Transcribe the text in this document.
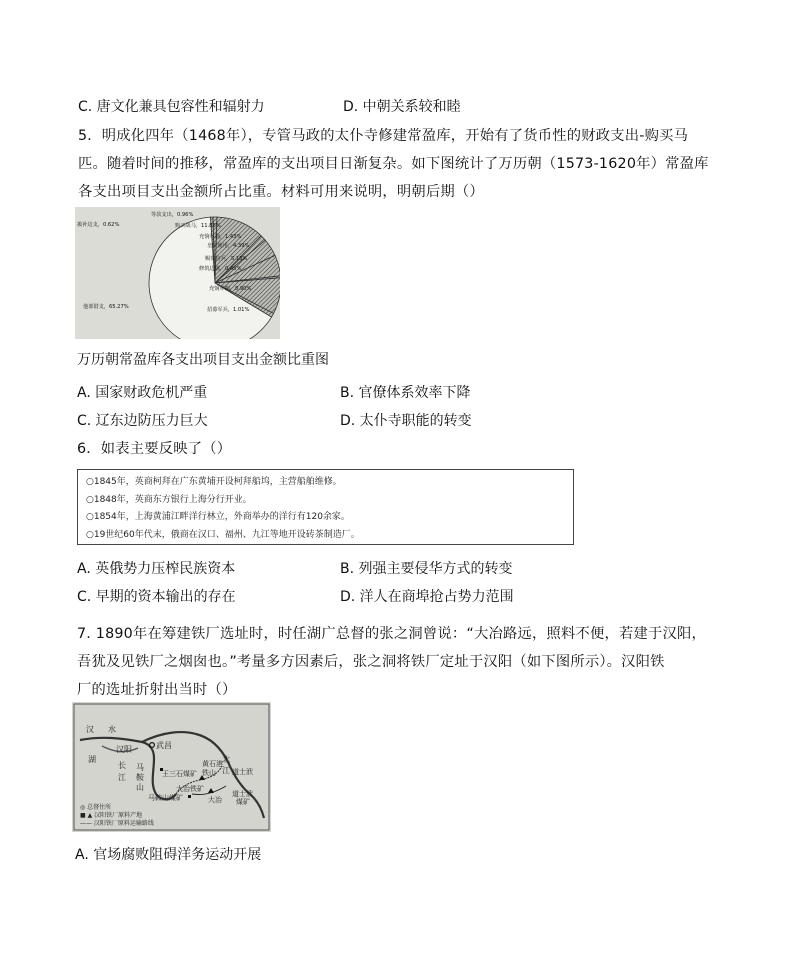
C. 唐文化兼具包容性和辐射力	D. 中朝关系较和睦
5．明成化四年（1468年），专管马政的太仆寺修建常盈库，开始有了货币性的财政支出-购买马
匹。随着时间的推移，常盈库的支出项目日渐复杂。如下图统计了万历朝（1573-1620年）常盈库
各支出项目支出金额所占比重。材料可用来说明，明朝后期（）
拨补边支，0.62%
等款支出，0.96%
购买战马，11.86%
充饷军饷，1.43%
皇帝使用，4.39%
赐赏官兵，5.13%
修筑边墙，0.45%
充饷军饷，8.90%
招募军兵，1.01%
他部借支，65.27%
万历朝常盈库各支出项目支出金额比重图
A. 国家财政危机严重	B. 官僚体系效率下降
C. 辽东边防压力巨大	D. 太仆寺职能的转变
6．如表主要反映了（）
○1845年，英商柯拜在广东黄埔开设柯拜船坞，主营船舶维修。
○1848年，英商东方银行上海分行开业。
○1854年，上海黄浦江畔洋行林立，外商举办的洋行有120余家。
○19世纪60年代末，俄商在汉口、福州、九江等地开设砖茶制造厂。
A. 英俄势力压榨民族资本	B. 列强主要侵华方式的转变
C. 早期的资本输出的存在	D. 洋人在商埠抢占势力范围
7. 1890年在筹建铁厂选址时，时任湖广总督的张之洞曾说：“大冶路远，照料不便，若建于汉阳，
吾犹及见铁厂之烟囱也。”考量多方因素后，张之洞将铁厂定址于汉阳（如下图所示）。汉阳铁
厂的选址折射出当时（）
汉
湖
水
汉阳	武昌
长
江
马
鞍
山
北
江 道士洑
黄石港
铁山
王三石煤矿
大冶铁矿
大冶
马鞍山煤矿	道士洑
煤矿
◎ 总督住所
■ ▲ 汉阳铁厂原料产地
—— 汉阳铁厂原料运输路线
A. 官场腐败阻碍洋务运动开展
